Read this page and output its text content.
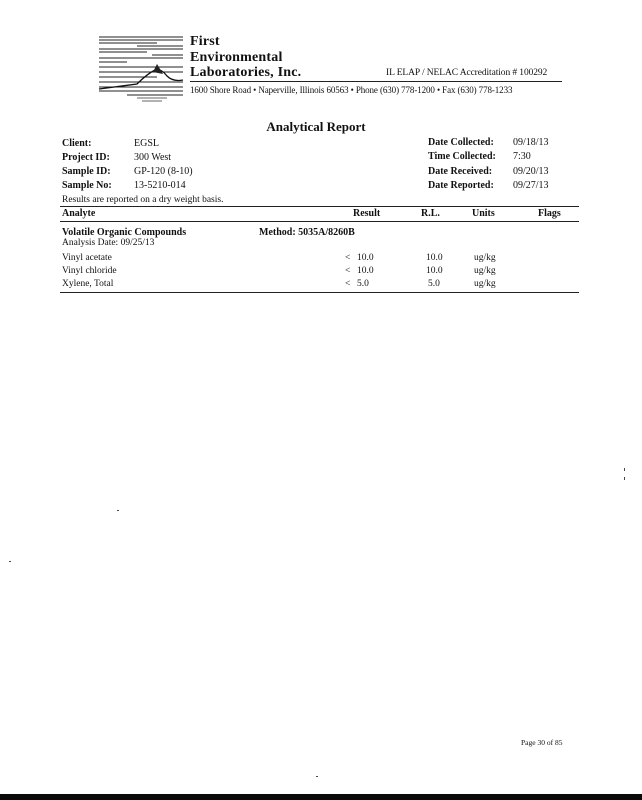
First
Environmental
Laboratories, Inc.	IL ELAP / NELAC Accreditation # 100292
1600 Shore Road • Naperville, Illinois 60563 • Phone (630) 778-1200 • Fax (630) 778-1233
Analytical Report
Client:	EGSL
Project ID: 300 West
Sample ID: GP-120 (8-10)
Sample No: 13-5210-014
Date Collected: 09/18/13
Time Collected: 7:30
Date Received: 09/20/13
Date Reported: 09/27/13
Results are reported on a dry weight basis.
Analyte	Result	R.L.	Units	Flags
Volatile Organic Compounds	Method: 5035A/8260B
Analysis Date: 09/25/13
Vinyl acetate	< 10.0	10.0	ug/kg
Vinyl chloride	< 10.0	10.0	ug/kg
Xylene, Total	< 5.0	5.0	ug/kg
Page 30 of 85
